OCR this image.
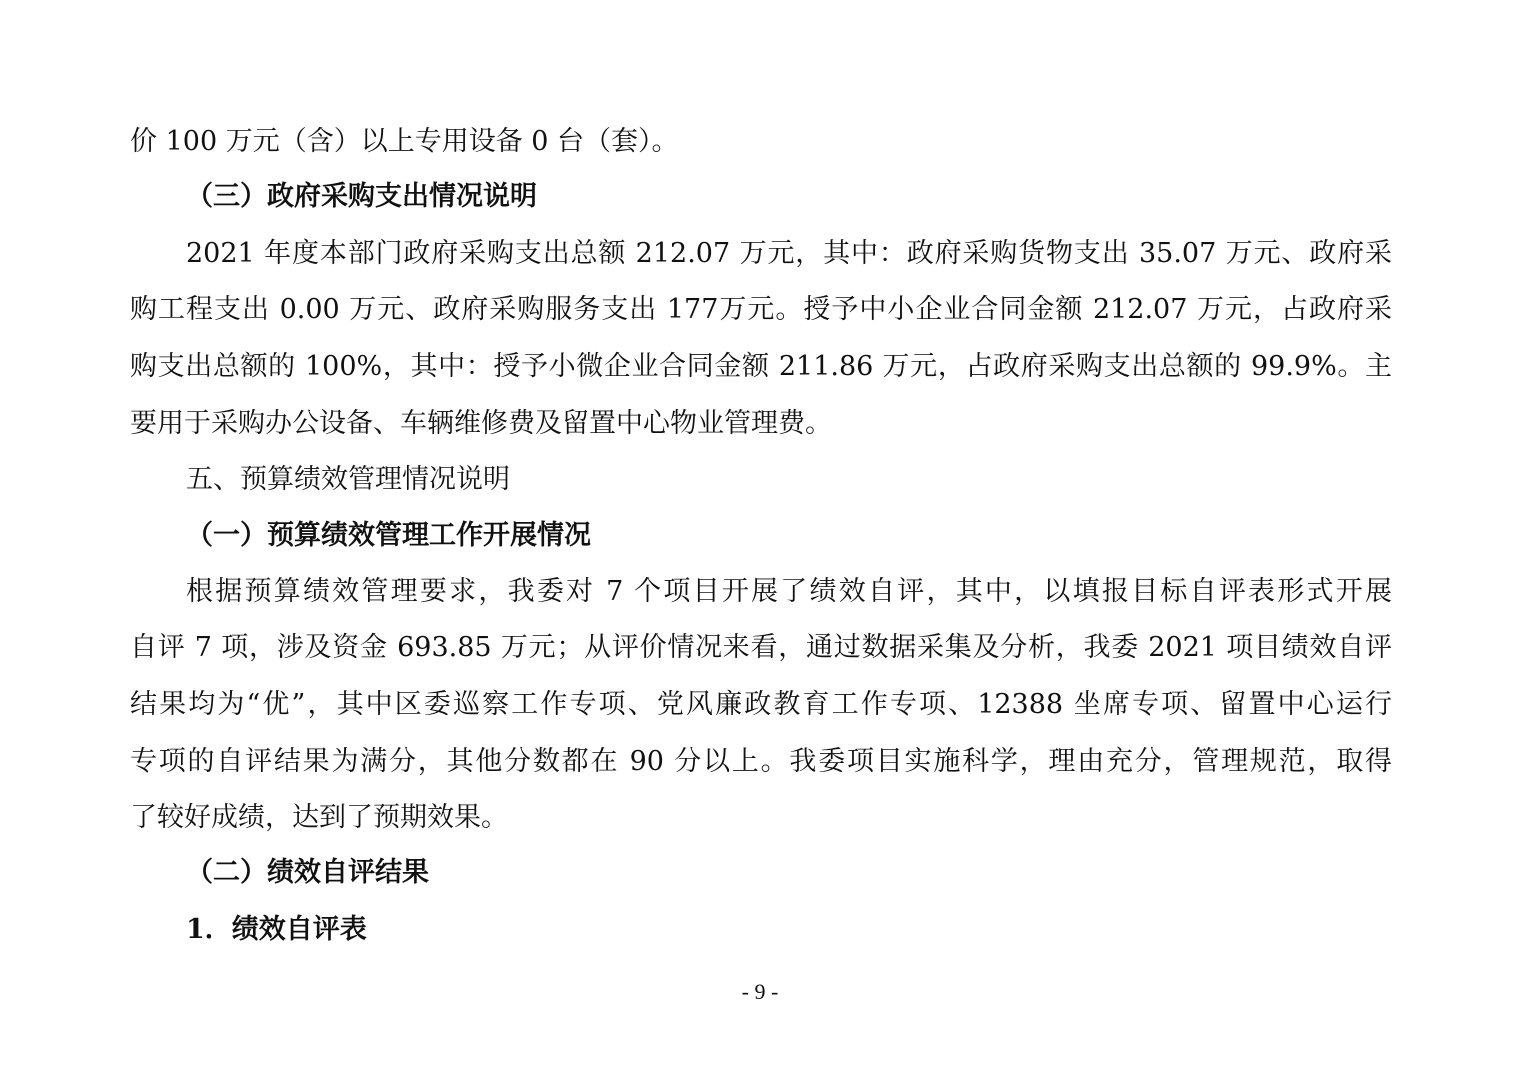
价 100 万元（含）以上专用设备 0 台（套）。
（三）政府采购支出情况说明
2021 年度本部门政府采购支出总额 212.07 万元，其中：政府采购货物支出 35.07 万元、政府采
购工程支出 0.00 万元、政府采购服务支出 177万元。授予中小企业合同金额 212.07 万元，占政府采
购支出总额的 100%，其中：授予小微企业合同金额 211.86 万元，占政府采购支出总额的 99.9%。主
要用于采购办公设备、车辆维修费及留置中心物业管理费。
五、预算绩效管理情况说明
（一）预算绩效管理工作开展情况
根据预算绩效管理要求，我委对 7 个项目开展了绩效自评，其中，以填报目标自评表形式开展
自评 7 项，涉及资金 693.85 万元；从评价情况来看，通过数据采集及分析，我委 2021 项目绩效自评
结果均为“优”，其中区委巡察工作专项、党风廉政教育工作专项、12388 坐席专项、留置中心运行
专项的自评结果为满分，其他分数都在 90 分以上。我委项目实施科学，理由充分，管理规范，取得
了较好成绩，达到了预期效果。
（二）绩效自评结果
1．绩效自评表
- 9 -
